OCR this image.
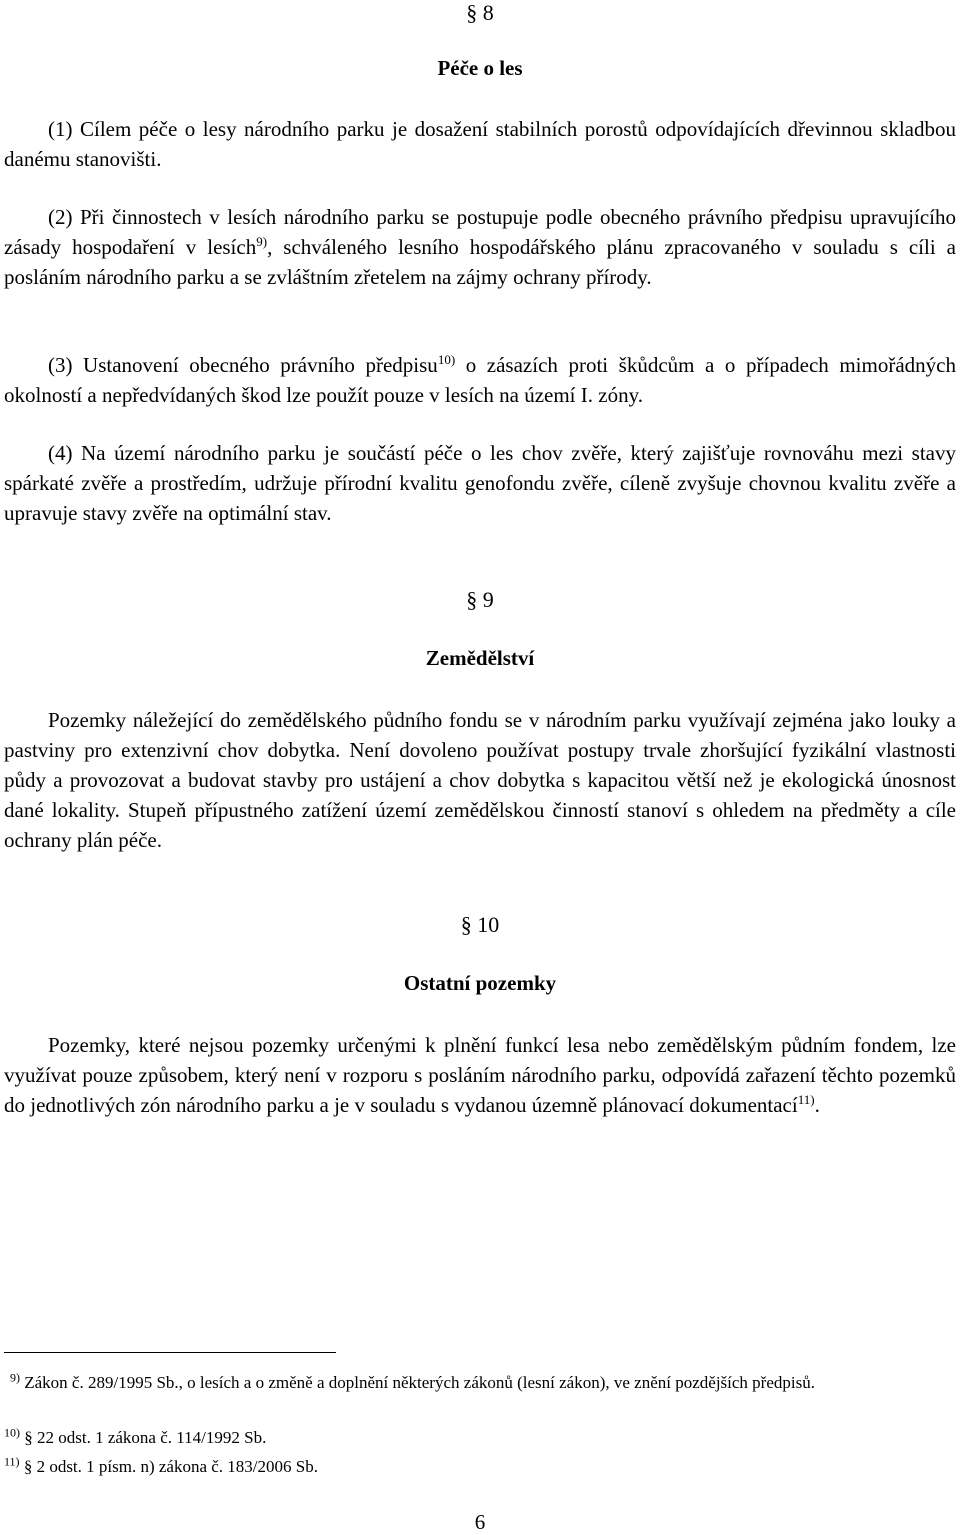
§ 8

Péče o les

(1) Cílem péče o lesy národního parku je dosažení stabilních porostů odpovídajících dřevinnou skladbou danému stanovišti.

(2) Při činnostech v lesích národního parku se postupuje podle obecného právního předpisu upravujícího zásady hospodaření v lesích$^{9)}$, schváleného lesního hospodářského plánu zpracovaného v souladu s cíli a posláním národního parku a se zvláštním zřetelem na zájmy ochrany přírody.

(3) Ustanovení obecného právního předpisu$^{10)}$ o zásazích proti škůdcům a o případech mimořádných okolností a nepředvídaných škod lze použít pouze v lesích na území I. zóny.

(4) Na území národního parku je součástí péče o les chov zvěře, který zajišťuje rovnováhu mezi stavy spárkaté zvěře a prostředím, udržuje přírodní kvalitu genofondu zvěře, cíleně zvyšuje chovnou kvalitu zvěře a upravuje stavy zvěře na optimální stav.

§ 9

Zemědělství

Pozemky náležející do zemědělského půdního fondu se v národním parku využívají zejména jako louky a pastviny pro extenzivní chov dobytka. Není dovoleno používat postupy trvale zhoršující fyzikální vlastnosti půdy a provozovat a budovat stavby pro ustájení a chov dobytka s kapacitou větší než je ekologická únosnost dané lokality. Stupeň přípustného zatížení území zemědělskou činností stanoví s ohledem na předměty a cíle ochrany plán péče.

§ 10

Ostatní pozemky

Pozemky, které nejsou pozemky určenými k plnění funkcí lesa nebo zemědělským půdním fondem, lze využívat pouze způsobem, který není v rozporu s posláním národního parku, odpovídá zařazení těchto pozemků do jednotlivých zón národního parku a je v souladu s vydanou územně plánovací dokumentací$^{11)}$.

$^{9)}$ Zákon č. 289/1995 Sb., o lesích a o změně a doplnění některých zákonů (lesní zákon), ve znění pozdějších předpisů.

$^{10)}$ § 22 odst. 1 zákona č. 114/1992 Sb.

$^{11)}$ § 2 odst. 1 písm. n) zákona č. 183/2006 Sb.

6
